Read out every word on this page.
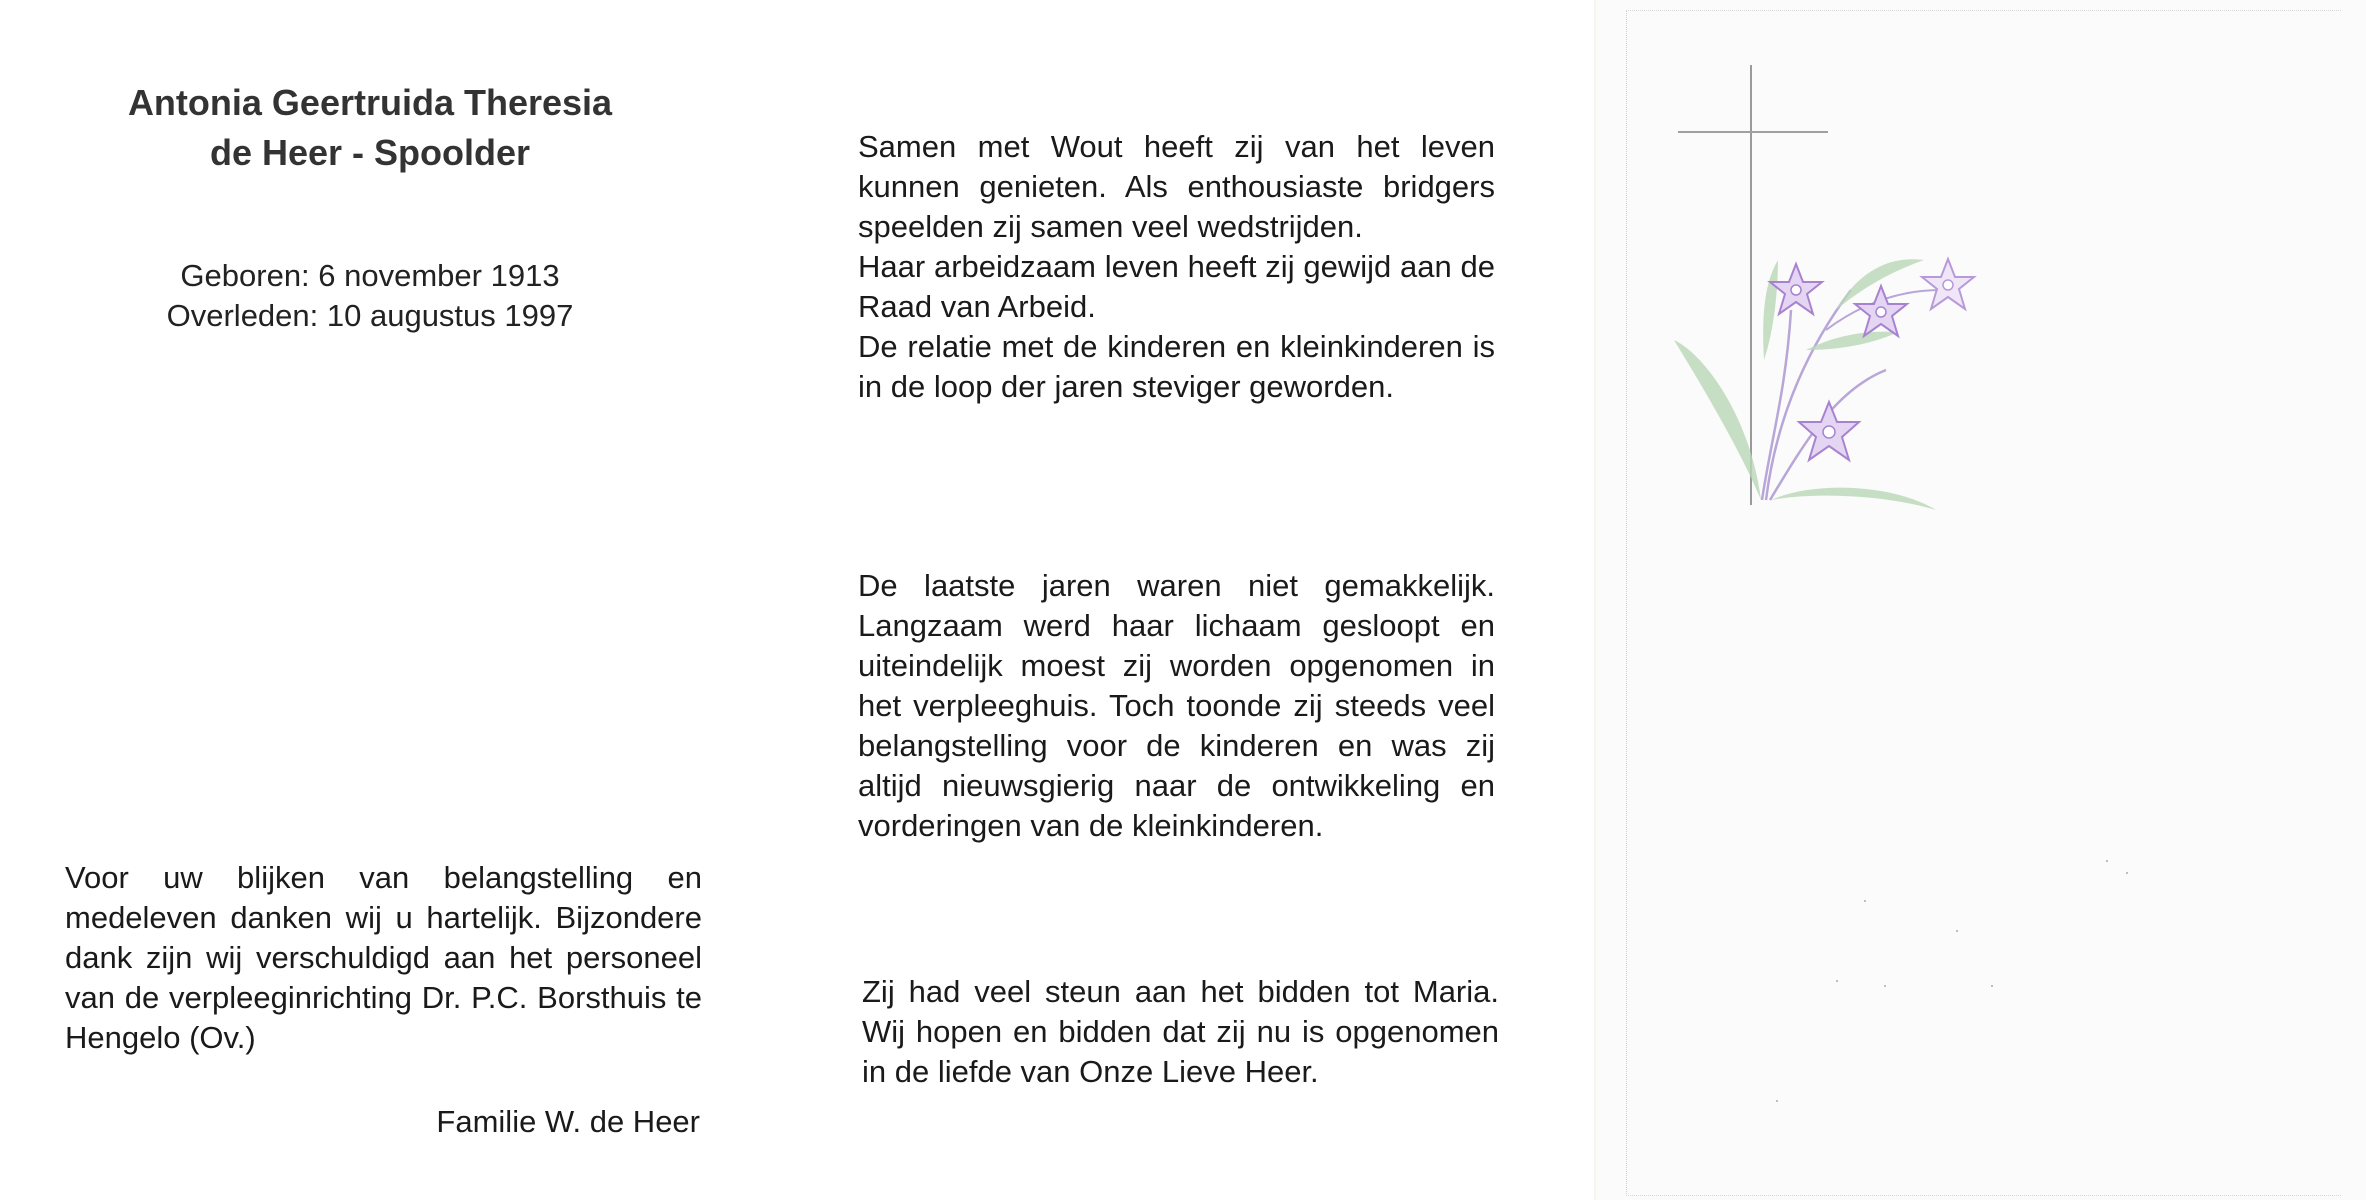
Antonia Geertruida Theresia
de Heer - Spoolder
Geboren: 6 november 1913
Overleden: 10 augustus 1997
Voor uw blijken van belangstelling en medeleven danken wij u hartelijk. Bijzondere dank zijn wij verschuldigd aan het personeel van de verpleeginrichting Dr. P.C. Borsthuis te Hengelo (Ov.)
Familie W. de Heer

Samen met Wout heeft zij van het leven kunnen genieten. Als enthousiaste bridgers speelden zij samen veel wedstrijden.

Haar arbeidzaam leven heeft zij gewijd aan de Raad van Arbeid.

De relatie met de kinderen en kleinkinderen is in de loop der jaren steviger geworden.

De laatste jaren waren niet gemakkelijk. Langzaam werd haar lichaam gesloopt en uiteindelijk moest zij worden opgenomen in het verpleeghuis. Toch toonde zij steeds veel belangstelling voor de kinderen en was zij altijd nieuwsgierig naar de ontwikkeling en vorderingen van de kleinkinderen.
Zij had veel steun aan het bidden tot Maria. Wij hopen en bidden dat zij nu is opgenomen in de liefde van Onze Lieve Heer.
